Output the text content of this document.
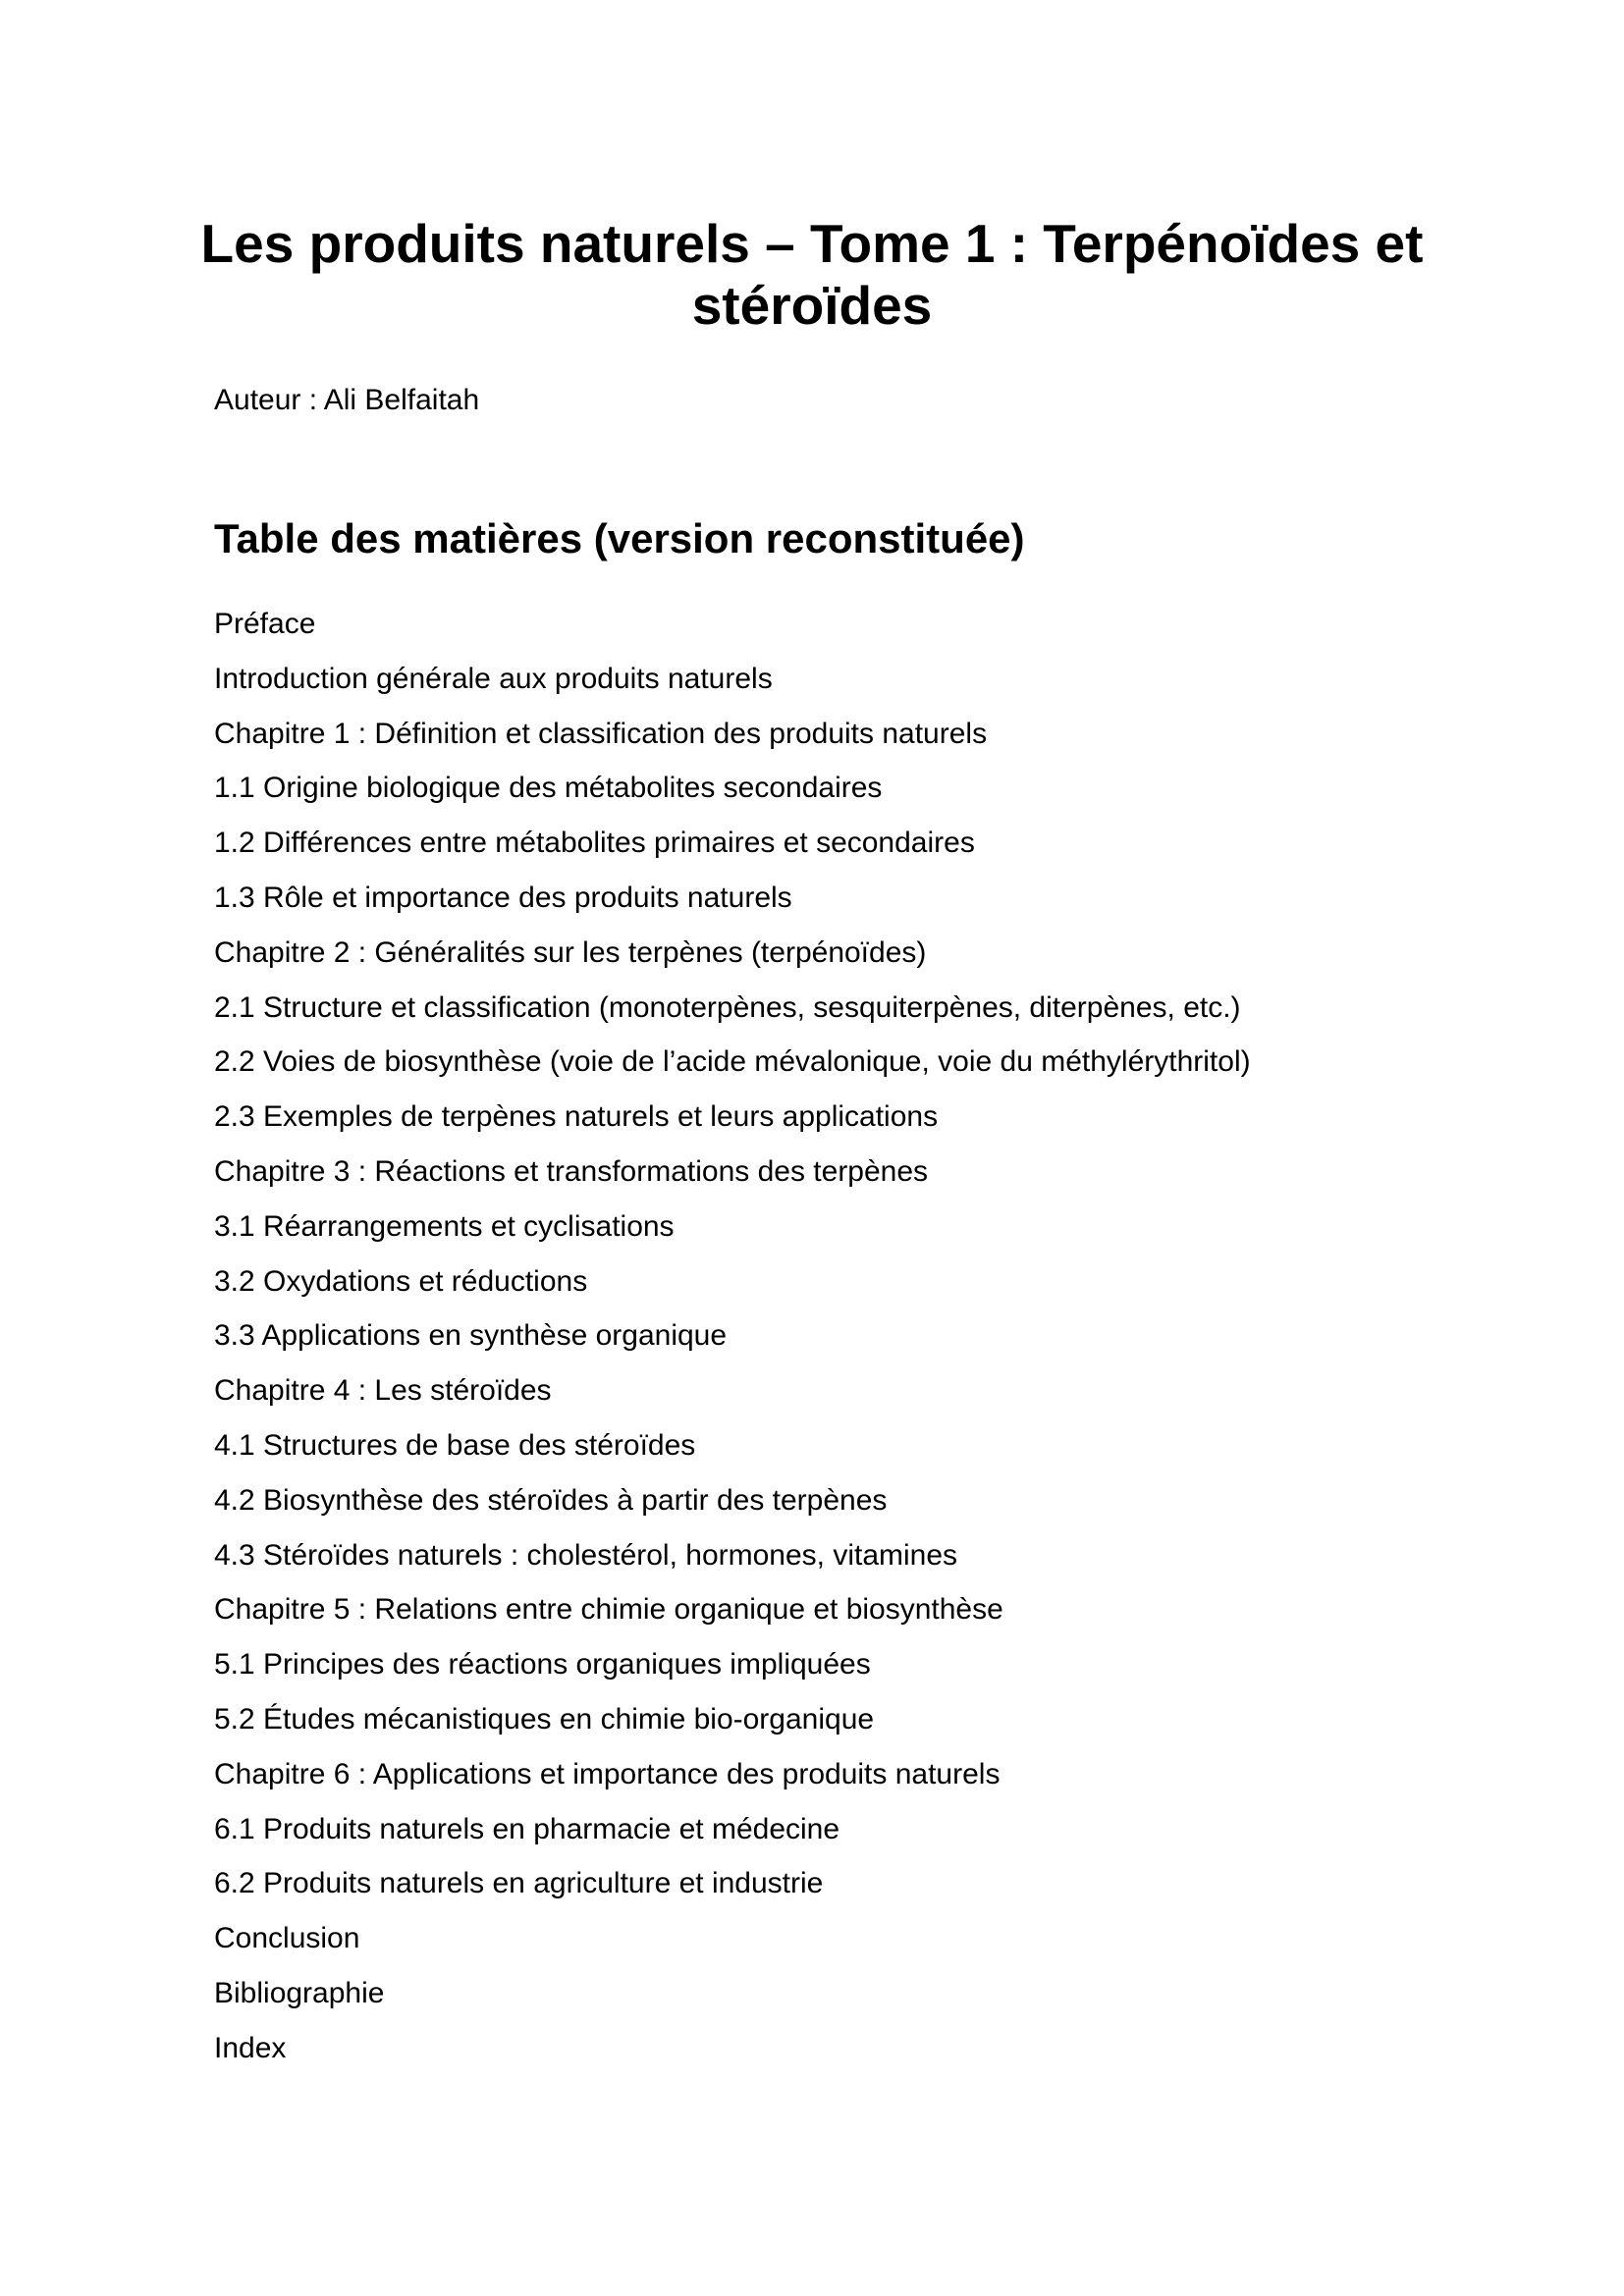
Les produits naturels – Tome 1 : Terpénoïdes et
stéroïdes

Auteur : Ali Belfaitah

Table des matières (version reconstituée)
Préface
Introduction générale aux produits naturels
Chapitre 1 : Définition et classification des produits naturels
1.1 Origine biologique des métabolites secondaires
1.2 Différences entre métabolites primaires et secondaires
1.3 Rôle et importance des produits naturels
Chapitre 2 : Généralités sur les terpènes (terpénoïdes)
2.1 Structure et classification (monoterpènes, sesquiterpènes, diterpènes, etc.)
2.2 Voies de biosynthèse (voie de l’acide mévalonique, voie du méthylérythritol)
2.3 Exemples de terpènes naturels et leurs applications
Chapitre 3 : Réactions et transformations des terpènes
3.1 Réarrangements et cyclisations
3.2 Oxydations et réductions
3.3 Applications en synthèse organique
Chapitre 4 : Les stéroïdes
4.1 Structures de base des stéroïdes
4.2 Biosynthèse des stéroïdes à partir des terpènes
4.3 Stéroïdes naturels : cholestérol, hormones, vitamines
Chapitre 5 : Relations entre chimie organique et biosynthèse
5.1 Principes des réactions organiques impliquées
5.2 Études mécanistiques en chimie bio-organique
Chapitre 6 : Applications et importance des produits naturels
6.1 Produits naturels en pharmacie et médecine
6.2 Produits naturels en agriculture et industrie
Conclusion
Bibliographie
Index
